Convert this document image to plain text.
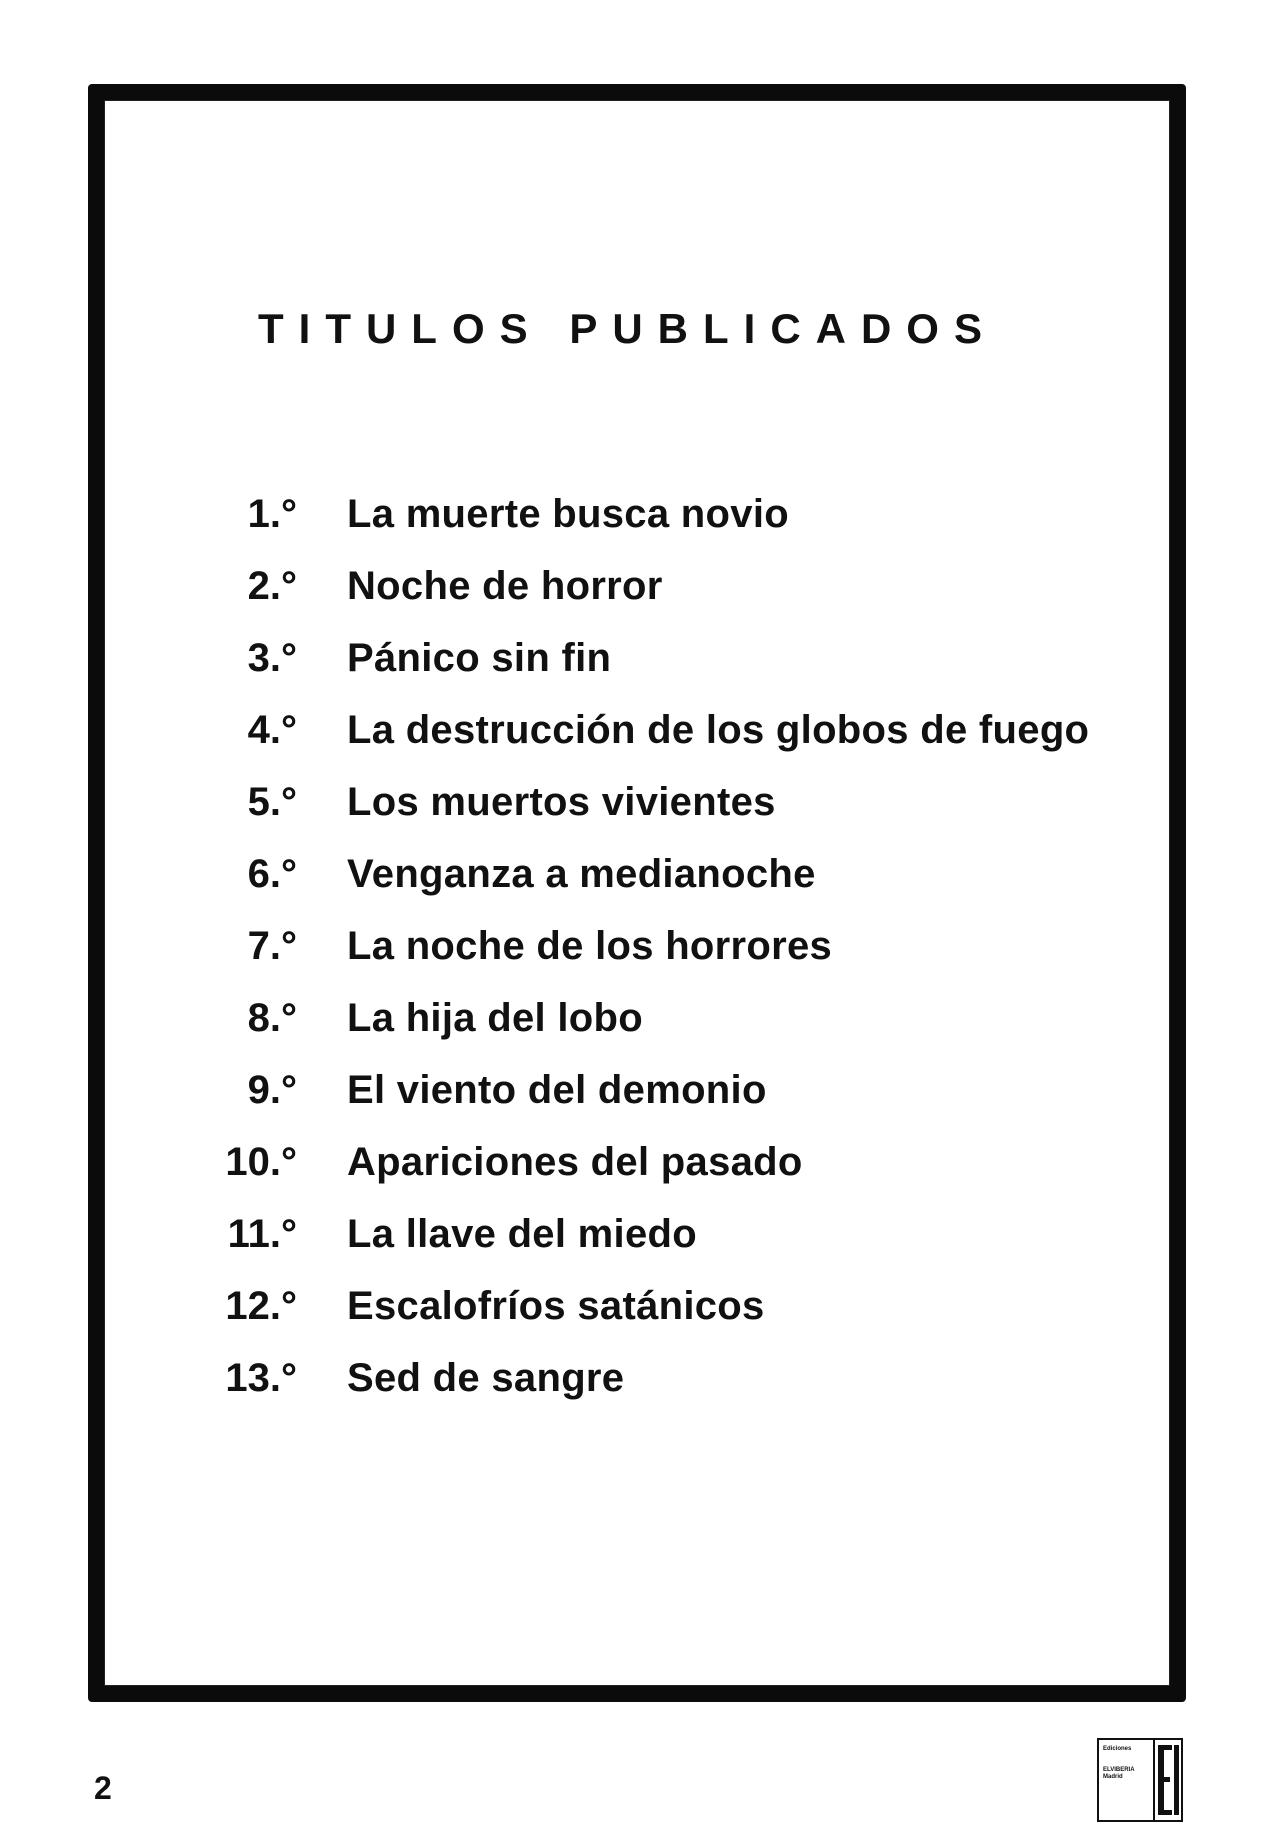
TITULOS PUBLICADOS
1.° La muerte busca novio
2.° Noche de horror
3.° Pánico sin fin
4.° La destrucción de los globos de fuego
5.° Los muertos vivientes
6.° Venganza a medianoche
7.° La noche de los horrores
8.° La hija del lobo
9.° El viento del demonio
10.° Apariciones del pasado
11.° La llave del miedo
12.° Escalofríos satánicos
13.° Sed de sangre
2
Ediciones
ELVIBERIA
Madrid
